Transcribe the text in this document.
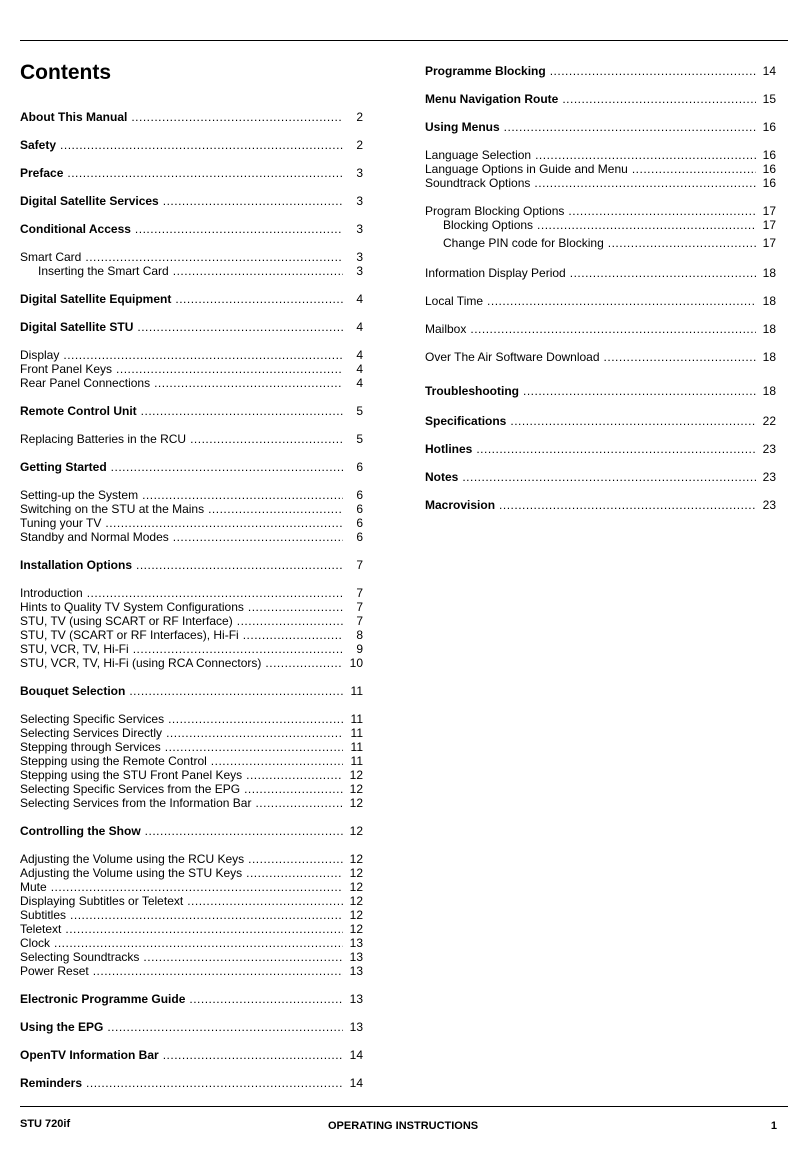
Contents
About This Manual .....	2
Safety .....	2
Preface .....	3
Digital Satellite Services .....	3
Conditional Access .....	3
Smart Card .....	3
Inserting the Smart Card .....	3
Digital Satellite Equipment .....	4
Digital Satellite STU .....	4
Display .....	4
Front Panel Keys .....	4
Rear Panel Connections .....	4
Remote Control Unit .....	5
Replacing Batteries in the RCU .....	5
Getting Started .....	6
Setting-up the System .....	6
Switching on the STU at the Mains .....	6
Tuning your TV .....	6
Standby and Normal Modes .....	6
Installation Options .....	7
Introduction .....	7
Hints to Quality TV System Configurations .....	7
STU, TV (using SCART or RF Interface) .....	7
STU, TV (SCART or RF Interfaces), Hi-Fi .....	8
STU, VCR, TV, Hi-Fi .....	9
STU, VCR, TV, Hi-Fi (using RCA Connectors) .....	10
Bouquet Selection .....	11
Selecting Specific Services .....	11
Selecting Services Directly .....	11
Stepping through Services .....	11
Stepping using the Remote Control .....	11
Stepping using the STU Front Panel Keys .....	12
Selecting Specific Services from the EPG .....	12
Selecting Services from the Information Bar .....	12
Controlling the Show .....	12
Adjusting the Volume using the RCU Keys .....	12
Adjusting the Volume using the STU Keys .....	12
Mute .....	12
Displaying Subtitles or Teletext .....	12
Subtitles .....	12
Teletext .....	12
Clock .....	13
Selecting Soundtracks .....	13
Power Reset .....	13
Electronic Programme Guide .....	13
Using the EPG .....	13
OpenTV Information Bar .....	14
Reminders .....	14
Programme Blocking .....	14
Menu Navigation Route .....	15
Using Menus .....	16
Language Selection .....	16
Language Options in Guide and Menu .....	16
Soundtrack Options .....	16
Program Blocking Options .....	17
Blocking Options .....	17
Change PIN code for Blocking .....	17
Information Display Period .....	18
Local Time .....	18
Mailbox .....	18
Over The Air Software Download .....	18
Troubleshooting .....	18
Specifications .....	22
Hotlines .....	23
Notes .....	23
Macrovision .....	23
STU 720if	OPERATING INSTRUCTIONS	1
